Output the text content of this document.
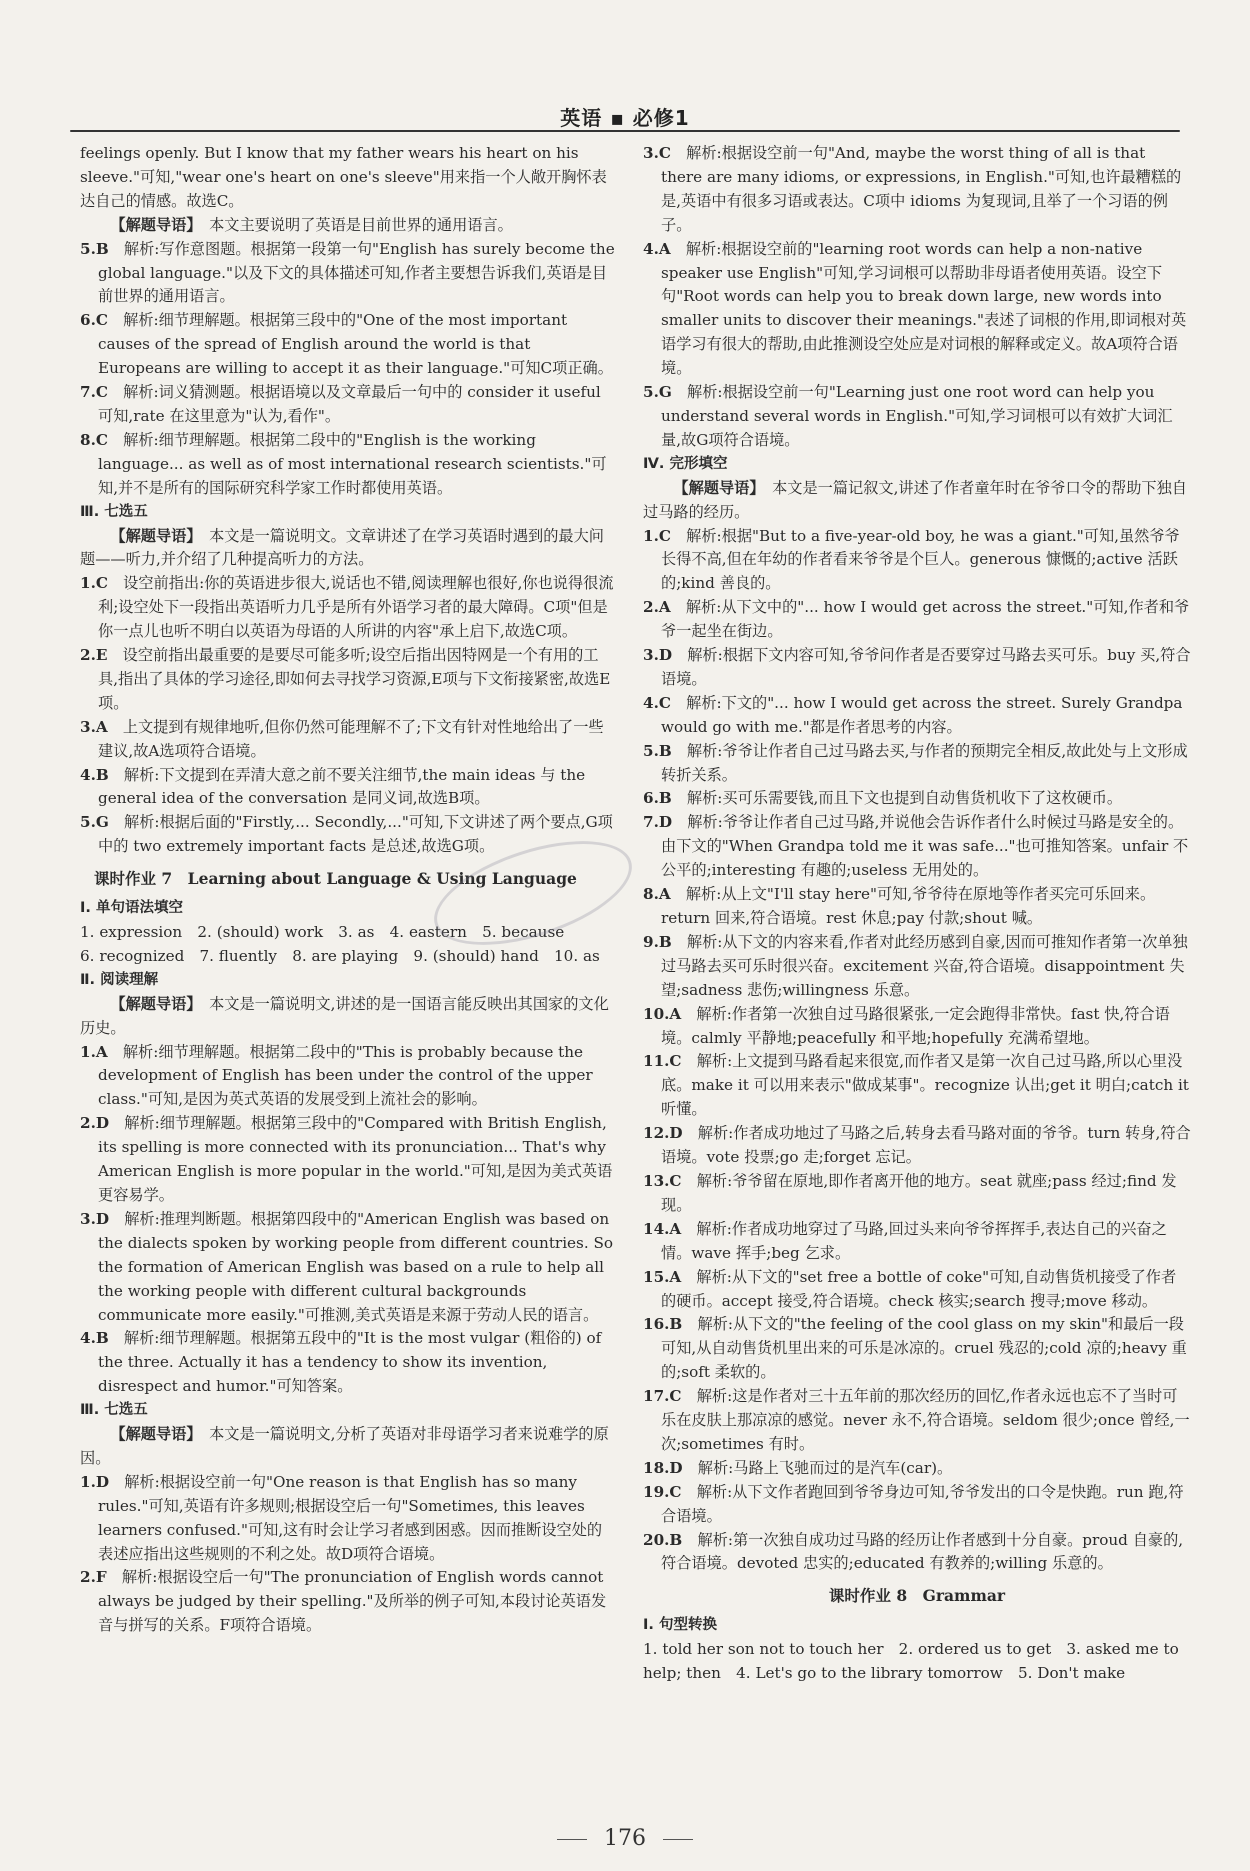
英语 ▪ 必修1

feelings openly. But I know that my father wears his heart on his sleeve."可知,"wear one's heart on one's sleeve"用来指一个人敞开胸怀表达自己的情感。故选C。

【解题导语】  本文主要说明了英语是目前世界的通用语言。

5.B  解析:写作意图题。根据第一段第一句"English has surely become the global language."以及下文的具体描述可知,作者主要想告诉我们,英语是目前世界的通用语言。

6.C  解析:细节理解题。根据第三段中的"One of the most important causes of the spread of English around the world is that Europeans are willing to accept it as their language."可知C项正确。

7.C  解析:词义猜测题。根据语境以及文章最后一句中的 consider it useful 可知,rate 在这里意为"认为,看作"。

8.C  解析:细节理解题。根据第二段中的"English is the working language... as well as of most international research scientists."可知,并不是所有的国际研究科学家工作时都使用英语。

Ⅲ. 七选五

【解题导语】  本文是一篇说明文。文章讲述了在学习英语时遇到的最大问题——听力,并介绍了几种提高听力的方法。

1.C  设空前指出:你的英语进步很大,说话也不错,阅读理解也很好,你也说得很流利;设空处下一段指出英语听力几乎是所有外语学习者的最大障碍。C项"但是你一点儿也听不明白以英语为母语的人所讲的内容"承上启下,故选C项。

2.E  设空前指出最重要的是要尽可能多听;设空后指出因特网是一个有用的工具,指出了具体的学习途径,即如何去寻找学习资源,E项与下文衔接紧密,故选E项。

3.A  上文提到有规律地听,但你仍然可能理解不了;下文有针对性地给出了一些建议,故A选项符合语境。

4.B  解析:下文提到在弄清大意之前不要关注细节,the main ideas 与 the general idea of the conversation 是同义词,故选B项。

5.G  解析:根据后面的"Firstly,... Secondly,..."可知,下文讲述了两个要点,G项中的 two extremely important facts 是总述,故选G项。

课时作业 7　Learning about Language & Using Language

Ⅰ. 单句语法填空

1. expression　2. (should) work　3. as　4. eastern　5. because

6. recognized　7. fluently　8. are playing　9. (should) hand　10. as

Ⅱ. 阅读理解

【解题导语】  本文是一篇说明文,讲述的是一国语言能反映出其国家的文化历史。

1.A  解析:细节理解题。根据第二段中的"This is probably because the development of English has been under the control of the upper class."可知,是因为英式英语的发展受到上流社会的影响。

2.D  解析:细节理解题。根据第三段中的"Compared with British English, its spelling is more connected with its pronunciation... That's why American English is more popular in the world."可知,是因为美式英语更容易学。

3.D  解析:推理判断题。根据第四段中的"American English was based on the dialects spoken by working people from different countries. So the formation of American English was based on a rule to help all the working people with different cultural backgrounds communicate more easily."可推测,美式英语是来源于劳动人民的语言。

4.B  解析:细节理解题。根据第五段中的"It is the most vulgar (粗俗的) of the three. Actually it has a tendency to show its invention, disrespect and humor."可知答案。

Ⅲ. 七选五

【解题导语】  本文是一篇说明文,分析了英语对非母语学习者来说难学的原因。

1.D  解析:根据设空前一句"One reason is that English has so many rules."可知,英语有许多规则;根据设空后一句"Sometimes, this leaves learners confused."可知,这有时会让学习者感到困惑。因而推断设空处的表述应指出这些规则的不利之处。故D项符合语境。

2.F  解析:根据设空后一句"The pronunciation of English words cannot always be judged by their spelling."及所举的例子可知,本段讨论英语发音与拼写的关系。F项符合语境。

3.C  解析:根据设空前一句"And, maybe the worst thing of all is that there are many idioms, or expressions, in English."可知,也许最糟糕的是,英语中有很多习语或表达。C项中 idioms 为复现词,且举了一个习语的例子。

4.A  解析:根据设空前的"learning root words can help a non-native speaker use English"可知,学习词根可以帮助非母语者使用英语。设空下句"Root words can help you to break down large, new words into smaller units to discover their meanings."表述了词根的作用,即词根对英语学习有很大的帮助,由此推测设空处应是对词根的解释或定义。故A项符合语境。

5.G  解析:根据设空前一句"Learning just one root word can help you understand several words in English."可知,学习词根可以有效扩大词汇量,故G项符合语境。

Ⅳ. 完形填空

【解题导语】  本文是一篇记叙文,讲述了作者童年时在爷爷口令的帮助下独自过马路的经历。

1.C  解析:根据"But to a five-year-old boy, he was a giant."可知,虽然爷爷长得不高,但在年幼的作者看来爷爷是个巨人。generous 慷慨的;active 活跃的;kind 善良的。

2.A  解析:从下文中的"... how I would get across the street."可知,作者和爷爷一起坐在街边。

3.D  解析:根据下文内容可知,爷爷问作者是否要穿过马路去买可乐。buy 买,符合语境。

4.C  解析:下文的"... how I would get across the street. Surely Grandpa would go with me."都是作者思考的内容。

5.B  解析:爷爷让作者自己过马路去买,与作者的预期完全相反,故此处与上文形成转折关系。

6.B  解析:买可乐需要钱,而且下文也提到自动售货机收下了这枚硬币。

7.D  解析:爷爷让作者自己过马路,并说他会告诉作者什么时候过马路是安全的。由下文的"When Grandpa told me it was safe..."也可推知答案。unfair 不公平的;interesting 有趣的;useless 无用处的。

8.A  解析:从上文"I'll stay here"可知,爷爷待在原地等作者买完可乐回来。return 回来,符合语境。rest 休息;pay 付款;shout 喊。

9.B  解析:从下文的内容来看,作者对此经历感到自豪,因而可推知作者第一次单独过马路去买可乐时很兴奋。excitement 兴奋,符合语境。disappointment 失望;sadness 悲伤;willingness 乐意。

10.A  解析:作者第一次独自过马路很紧张,一定会跑得非常快。fast 快,符合语境。calmly 平静地;peacefully 和平地;hopefully 充满希望地。

11.C  解析:上文提到马路看起来很宽,而作者又是第一次自己过马路,所以心里没底。make it 可以用来表示"做成某事"。recognize 认出;get it 明白;catch it 听懂。

12.D  解析:作者成功地过了马路之后,转身去看马路对面的爷爷。turn 转身,符合语境。vote 投票;go 走;forget 忘记。

13.C  解析:爷爷留在原地,即作者离开他的地方。seat 就座;pass 经过;find 发现。

14.A  解析:作者成功地穿过了马路,回过头来向爷爷挥挥手,表达自己的兴奋之情。wave 挥手;beg 乞求。

15.A  解析:从下文的"set free a bottle of coke"可知,自动售货机接受了作者的硬币。accept 接受,符合语境。check 核实;search 搜寻;move 移动。

16.B  解析:从下文的"the feeling of the cool glass on my skin"和最后一段可知,从自动售货机里出来的可乐是冰凉的。cruel 残忍的;cold 凉的;heavy 重的;soft 柔软的。

17.C  解析:这是作者对三十五年前的那次经历的回忆,作者永远也忘不了当时可乐在皮肤上那凉凉的感觉。never 永不,符合语境。seldom 很少;once 曾经,一次;sometimes 有时。

18.D  解析:马路上飞驰而过的是汽车(car)。

19.C  解析:从下文作者跑回到爷爷身边可知,爷爷发出的口令是快跑。run 跑,符合语境。

20.B  解析:第一次独自成功过马路的经历让作者感到十分自豪。proud 自豪的,符合语境。devoted 忠实的;educated 有教养的;willing 乐意的。

课时作业 8　Grammar

Ⅰ. 句型转换

1. told her son not to touch her　2. ordered us to get　3. asked me to help; then　4. Let's go to the library tomorrow　5. Don't make

176
